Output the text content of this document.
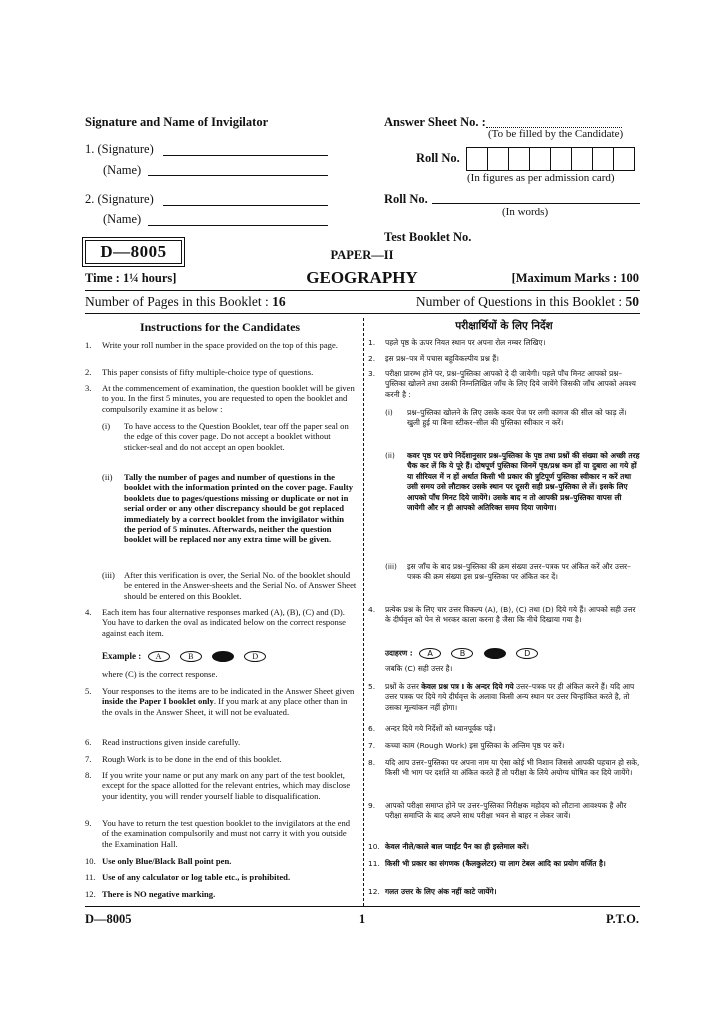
Signature and Name of Invigilator
1. (Signature)
(Name)
2. (Signature)
(Name)
Answer Sheet No. :
(To be filled by the Candidate)
Roll No.
(In figures as per admission card)
Roll No.
(In words)
Test Booklet No.
D—8005	PAPER—II
Time : 1¼ hours]	GEOGRAPHY	[Maximum Marks : 100
Number of Pages in this Booklet : 16	Number of Questions in this Booklet : 50
Instructions for the Candidates
1.	Write your roll number in the space provided on the top of this page.
2.	This paper consists of fifty multiple-choice type of questions.
3.	At the commencement of examination, the question booklet will be given to you. In the first 5 minutes, you are requested to open the booklet and compulsorily examine it as below :
(i)	To have access to the Question Booklet, tear off the paper seal on the edge of this cover page. Do not accept a booklet without sticker-seal and do not accept an open booklet.
(ii)	Tally the number of pages and number of questions in the booklet with the information printed on the cover page. Faulty booklets due to pages/questions missing or duplicate or not in serial order or any other discrepancy should be got replaced immediately by a correct booklet from the invigilator within the period of 5 minutes. Afterwards, neither the question booklet will be replaced nor any extra time will be given.
(iii)	After this verification is over, the Serial No. of the booklet should be entered in the Answer-sheets and the Serial No. of Answer Sheet should be entered on this Booklet.
4.	Each item has four alternative responses marked (A), (B), (C) and (D). You have to darken the oval as indicated below on the correct response against each item.
Example : A	B	D
where (C) is the correct response.
5.	Your responses to the items are to be indicated in the Answer Sheet given inside the Paper I booklet only. If you mark at any place other than in the ovals in the Answer Sheet, it will not be evaluated.
6.	Read instructions given inside carefully.
7.	Rough Work is to be done in the end of this booklet.
8.	If you write your name or put any mark on any part of the test booklet, except for the space allotted for the relevant entries, which may disclose your identity, you will render yourself liable to disqualification.
9.	You have to return the test question booklet to the invigilators at the end of the examination compulsorily and must not carry it with you outside the Examination Hall.
10. Use only Blue/Black Ball point pen.
11. Use of any calculator or log table etc., is prohibited.
12. There is NO negative marking.
परीक्षार्थियों के लिए निर्देश
1.	पहले पृष्ठ के ऊपर नियत स्थान पर अपना रोल नम्बर लिखिए।
2.	इस प्रश्न–पत्र में पचास बहुविकल्पीय प्रश्न हैं।
3.	परीक्षा प्रारम्भ होने पर, प्रश्न–पुस्तिका आपको दे दी जायेगी। पहले पाँच मिनट आपको प्रश्न–पुस्तिका खोलने तथा उसकी निम्नलिखित जाँच के लिए दिये जायेंगे जिसकी जाँच आपको अवश्य करनी है :
(i)	प्रश्न–पुस्तिका खोलने के लिए उसके कवर पेज पर लगी कागज की सील को फाड़ लें। खुली हुई या बिना स्टीकर–सील की पुस्तिका स्वीकार न करें।
(ii)	कवर पृष्ठ पर छपे निर्देशानुसार प्रश्न–पुस्तिका के पृष्ठ तथा प्रश्नों की संख्या को अच्छी तरह चैक कर लें कि ये पूरे हैं। दोषपूर्ण पुस्तिका जिनमें पृष्ठ/प्रश्न कम हों या दुबारा आ गये हों या सीरियल में न हों अर्थात किसी भी प्रकार की त्रुटिपूर्ण पुस्तिका स्वीकार न करें तथा उसी समय उसे लौटाकर उसके स्थान पर दूसरी सही प्रश्न–पुस्तिका ले लें। इसके लिए आपको पाँच मिनट दिये जायेंगे। उसके बाद न तो आपकी प्रश्न–पुस्तिका वापस ली जायेगी और न ही आपको अतिरिक्त समय दिया जायेगा।
(iii)	इस जाँच के बाद प्रश्न–पुस्तिका की क्रम संख्या उत्तर–पत्रक पर अंकित करें और उत्तर–पत्रक की क्रम संख्या इस प्रश्न–पुस्तिका पर अंकित कर दें।
4.	प्रत्येक प्रश्न के लिए चार उत्तर विकल्प (A), (B), (C) तथा (D) दिये गये हैं। आपको सही उत्तर के दीर्घवृत्त को पेन से भरकर काला करना है जैसा कि नीचे दिखाया गया है।
उदाहरण : A	B	D
जबकि (C) सही उत्तर है।
5.	प्रश्नों के उत्तर केवल प्रश्न पत्र I के अन्दर दिये गये उत्तर–पत्रक पर ही अंकित करने हैं। यदि आप उत्तर पत्रक पर दिये गये दीर्घवृत्त के अलावा किसी अन्य स्थान पर उत्तर चिन्हांकित करते है, तो उसका मूल्यांकन नहीं होगा।
6.	अन्दर दिये गये निर्देशों को ध्यानपूर्वक पढ़ें।
7.	कच्चा काम (Rough Work) इस पुस्तिका के अन्तिम पृष्ठ पर करें।
8.	यदि आप उत्तर–पुस्तिका पर अपना नाम या ऐसा कोई भी निशान जिससे आपकी पहचान हो सके, किसी भी भाग पर दर्शाते या अंकित करते हैं तो परीक्षा के लिये अयोग्य घोषित कर दिये जायेंगे।
9.	आपको परीक्षा समाप्त होने पर उत्तर–पुस्तिका निरीक्षक महोदय को लौटाना आवश्यक है और परीक्षा समाप्ति के बाद अपने साथ परीक्षा भवन से बाहर न लेकर जायें।
10. केवल नीले/काले बाल प्वाईंट पैन का ही इस्तेमाल करें।
11. किसी भी प्रकार का संगणक (कैलकुलेटर) या लाग टेबल आदि का प्रयोग वर्जित है।
12. गलत उत्तर के लिए अंक नहीं काटे जायेंगे।
D—8005	1	P.T.O.
